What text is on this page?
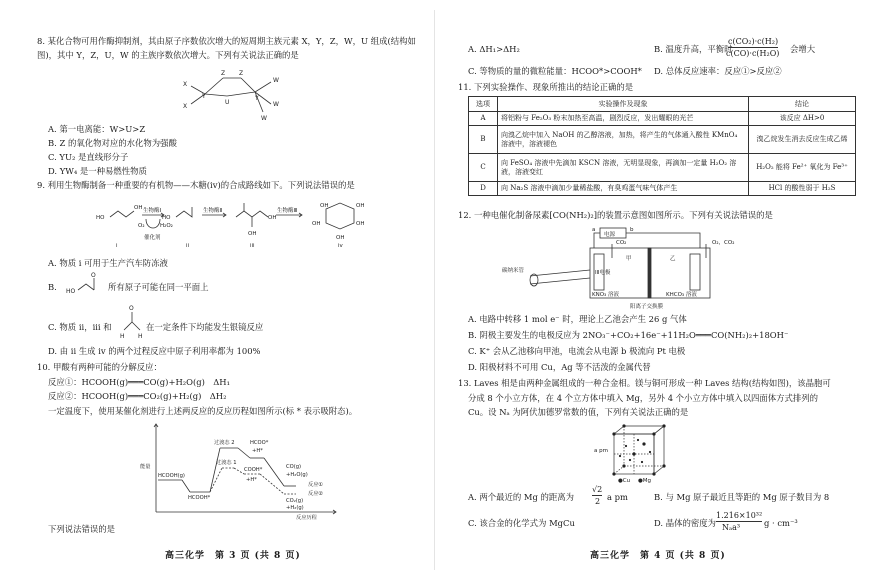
8. 某化合物可用作酶抑制剂，其由原子序数依次增大的短周期主族元素 X，Y，Z，W，U 组成(结构如
图)，其中 Y，Z，U，W 的主族序数依次增大。下列有关说法正确的是
Z Z
X
Y
U
Y
X
W
W
W
A. 第一电离能：W>U>Z
B. Z 的氧化物对应的水化物为强酸
C. YU₂ 是直线形分子
D. YW₄ 是一种易燃性物质
9. 利用生物酶制备一种重要的有机物——木糖(iv)的合成路线如下。下列说法错误的是
生物酶Ⅰ	生物酶Ⅱ	生物酶Ⅲ
催化剂
O₂	H₂O₂
HO
OH
HO
OH
OH
OH
OH
OH
OH
OH
i	ii	iii	iv
A. 物质 i 可用于生产汽车防冻液
B. HO
O
所有原子可能在同一平面上
C. 物质 ii，iii 和
O
H H
在一定条件下均能发生银镜反应
D. 由 ii 生成 iv 的两个过程反应中原子利用率都为 100%
10. 甲酸有两种可能的分解反应：
反应①：HCOOH(g)═══CO(g)+H₂O(g)　ΔH₁
反应②：HCOOH(g)═══CO₂(g)+H₂(g)　ΔH₂
一定温度下，使用某催化剂进行上述两反应的反应历程如图所示(标 * 表示吸附态)。
过渡态 2	HCOO*
+H*
过渡态 1
COOH*
+H*
HCOOH(g)
HCOOH*
CO(g)
+H₂O(g)
CO₂(g)
+H₂(g)
反应①
反应②
能量
反应历程
下列说法错误的是
高三化学　第 3 页 (共 8 页)
A. ΔH₁>ΔH₂	B. 温度升高，平衡时
c(CO₂)·c(H₂)
c(CO)·c(H₂O) 会增大
C. 等物质的量的微粒能量：HCOO*>COOH* D. 总体反应速率：反应①>反应②
11. 下列实验操作、现象所推出的结论正确的是
选项	实验操作及现象	结论
A	将铝粉与 Fe₂O₃ 粉末加热至高温，剧烈反应，发出耀眼的光芒	该反应 ΔH>0
B	向溴乙烷中加入 NaOH 的乙醇溶液，加热，将产生的气体通入酸性 KMnO₄ 溶液中，溶液褪色	溴乙烷发生消去反应生成乙烯
C	向 FeSO₄ 溶液中先滴加 KSCN 溶液，无明显现象，再滴加一定量 H₂O₂ 溶液，溶液变红	H₂O₂ 能将 Fe²⁺ 氧化为 Fe³⁺
D	向 Na₂S 溶液中滴加少量稀盐酸，有臭鸡蛋气味气体产生	HCl 的酸性弱于 H₂S
12. 一种电催化制备尿素[CO(NH₂)₂]的装置示意图如图所示。下列有关说法错误的是
电源
a	b
CO₂	O₂，CO₂
碳纳米管
甲	乙
ⅠⅡ电极
KNO₃ 溶液
阳离子交换膜
KHCO₃ 溶液
A. 电路中转移 1 mol e⁻ 时，理论上乙池会产生 26 g 气体
B. 阴极主要发生的电极反应为 2NO₃⁻+CO₂+16e⁻+11H₂O═══CO(NH₂)₂+18OH⁻
C. K⁺ 会从乙池移向甲池，电流会从电源 b 极流向 Pt 电极
D. 阳极材料不可用 Cu，Ag 等不活泼的金属代替
13. Laves 相是由两种金属组成的一种合金相。镁与铜可形成一种 Laves 结构(结构如图)，该晶胞可
分成 8 个小立方体，在 4 个立方体中填入 Mg，另外 4 个小立方体中填入以四面体方式排列的
Cu。设 Nₐ 为阿伏加德罗常数的值，下列有关说法正确的是
a pm
●Cu ●Mg
A. 两个最近的 Mg 的距离为
√2
2 a pm	B. 与 Mg 原子最近且等距的 Mg 原子数目为 8
C. 该合金的化学式为 MgCu	D. 晶体的密度为
1.216×10³²
Nₐa³	g · cm⁻³
高三化学　第 4 页 (共 8 页)
